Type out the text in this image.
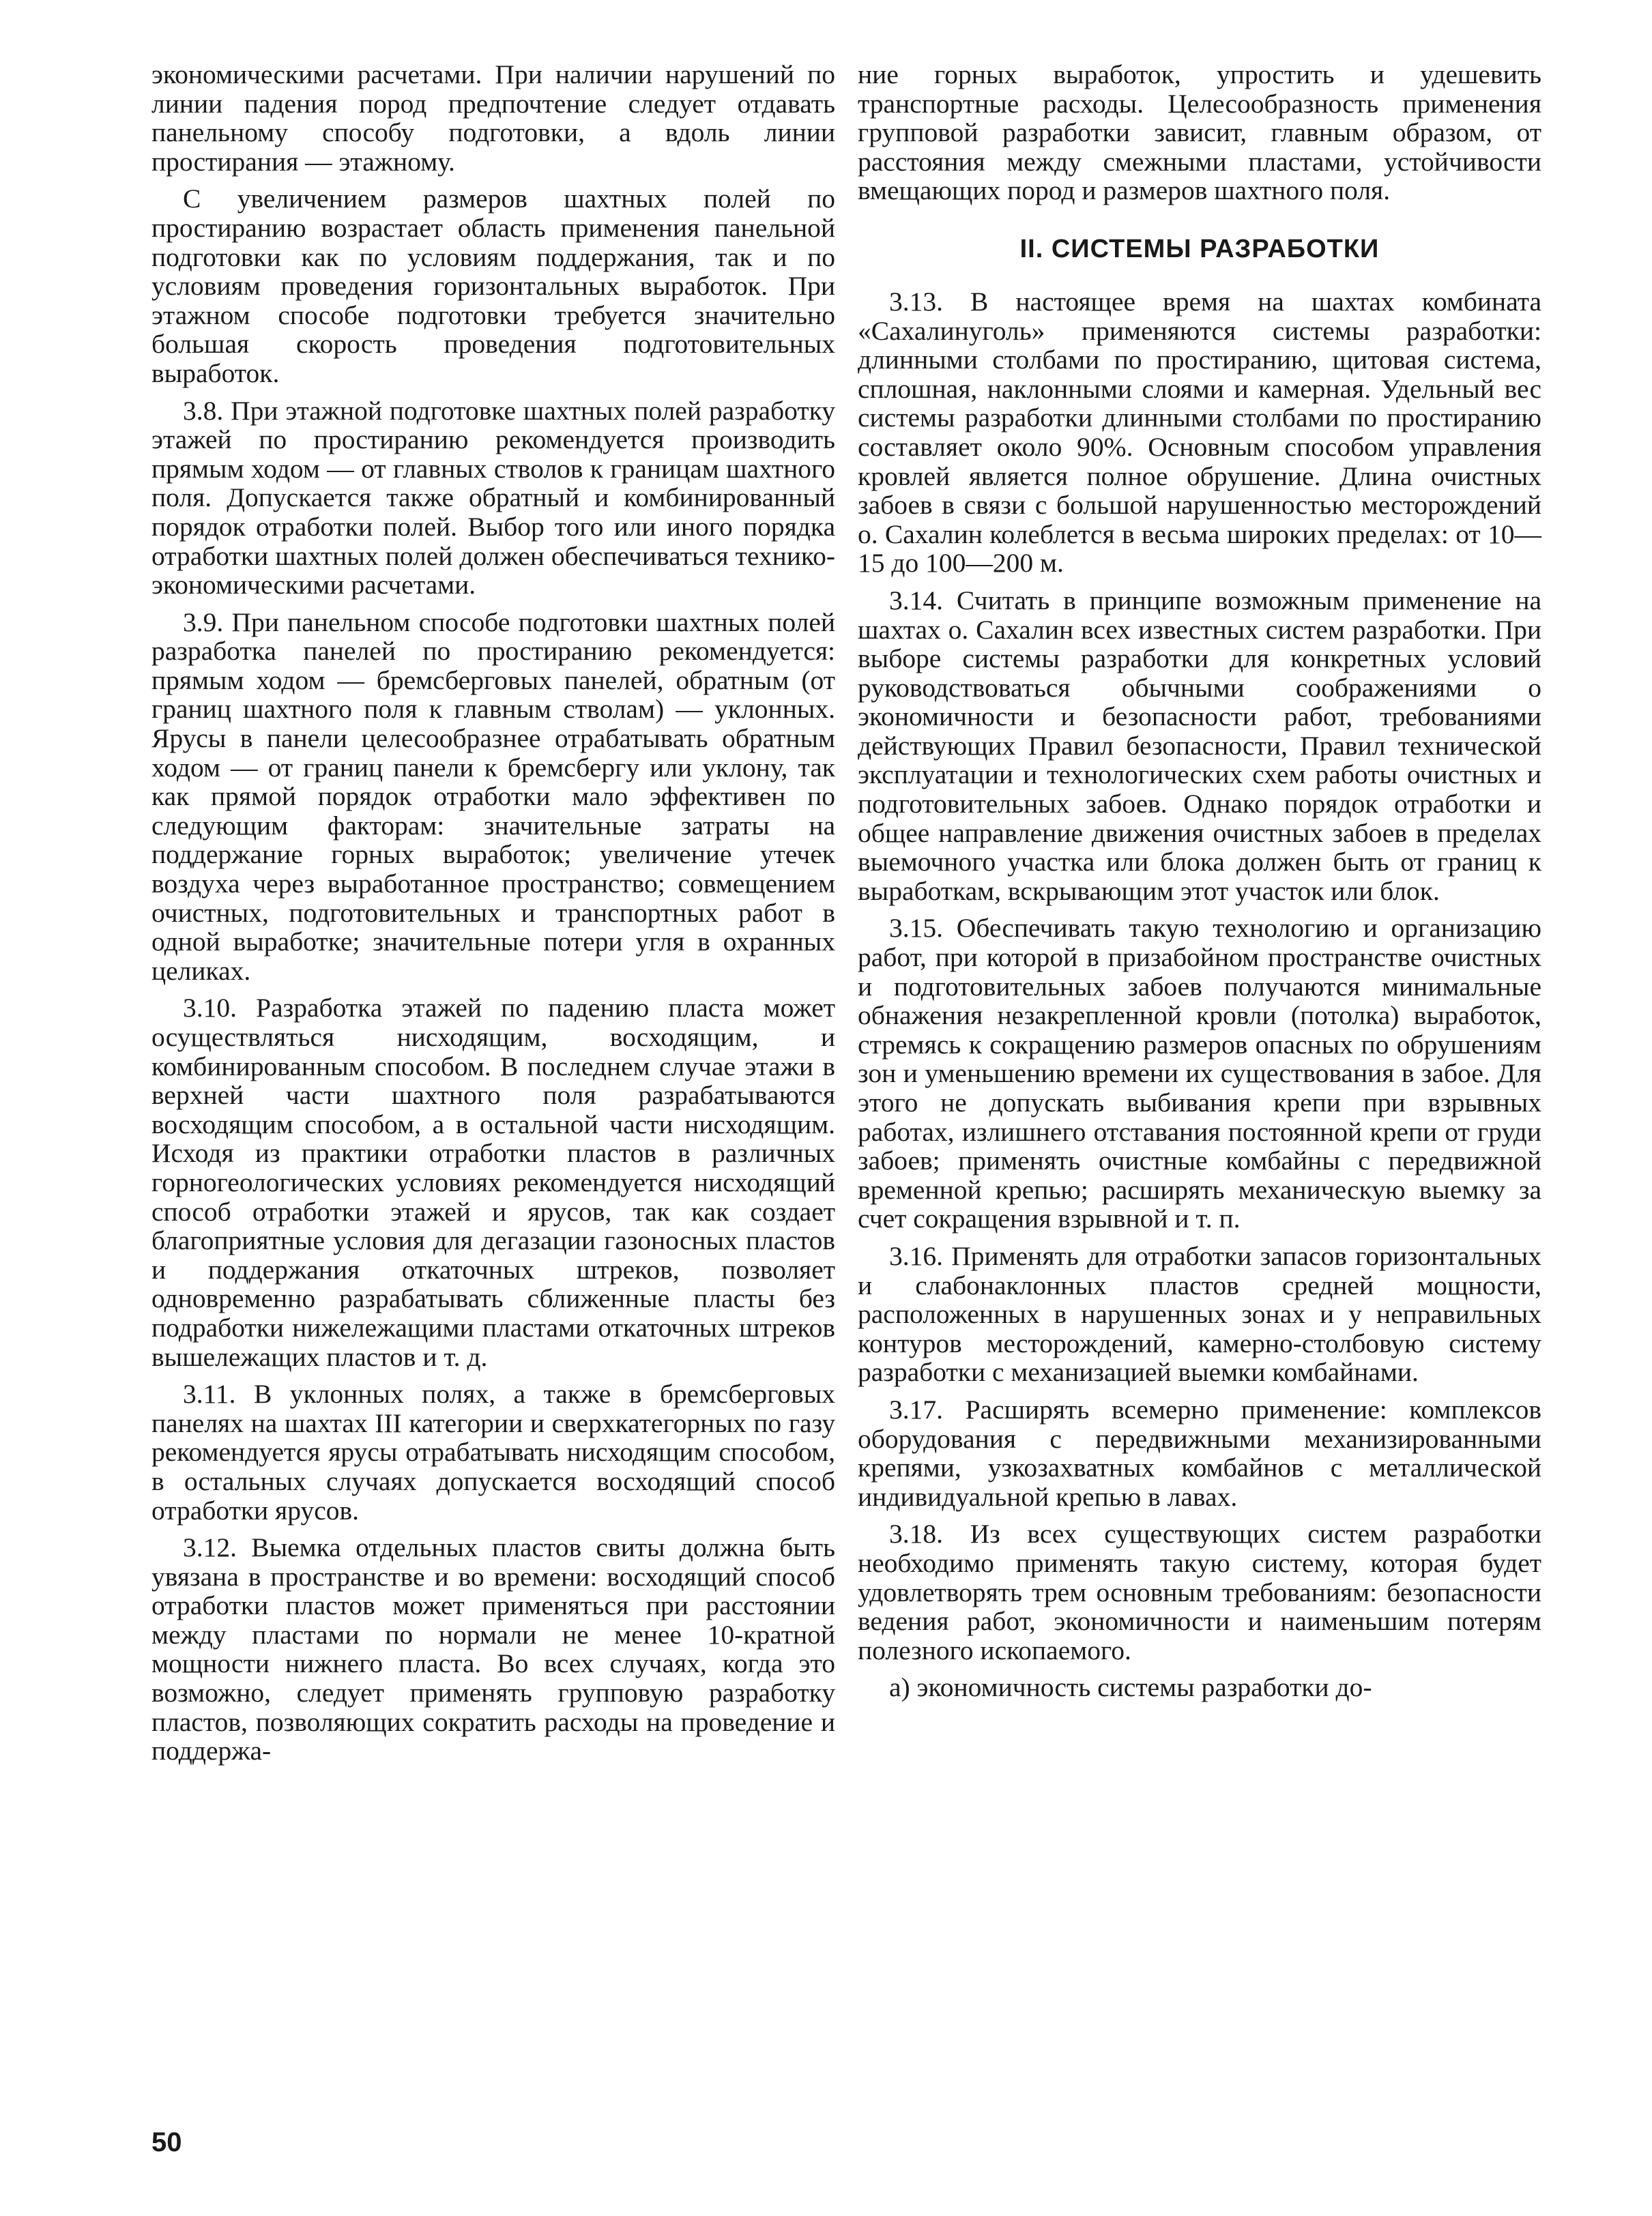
экономическими расчетами. При наличии нарушений по линии падения пород предпочтение следует отдавать панельному способу подготовки, а вдоль линии простирания — этажному.

С увеличением размеров шахтных полей по простиранию возрастает область применения панельной подготовки как по условиям поддержания, так и по условиям проведения горизонтальных выработок. При этажном способе подготовки требуется значительно большая скорость проведения подготовительных выработок.

3.8. При этажной подготовке шахтных полей разработку этажей по простиранию рекомендуется производить прямым ходом — от главных стволов к границам шахтного поля. Допускается также обратный и комбинированный порядок отработки полей. Выбор того или иного порядка отработки шахтных полей должен обеспечиваться технико-экономическими расчетами.

3.9. При панельном способе подготовки шахтных полей разработка панелей по простиранию рекомендуется: прямым ходом — бремсберговых панелей, обратным (от границ шахтного поля к главным стволам) — уклонных. Ярусы в панели целесообразнее отрабатывать обратным ходом — от границ панели к бремсбергу или уклону, так как прямой порядок отработки мало эффективен по следующим факторам: значительные затраты на поддержание горных выработок; увеличение утечек воздуха через выработанное пространство; совмещением очистных, подготовительных и транспортных работ в одной выработке; значительные потери угля в охранных целиках.

3.10. Разработка этажей по падению пласта может осуществляться нисходящим, восходящим, и комбинированным способом. В последнем случае этажи в верхней части шахтного поля разрабатываются восходящим способом, а в остальной части нисходящим. Исходя из практики отработки пластов в различных горногеологических условиях рекомендуется нисходящий способ отработки этажей и ярусов, так как создает благоприятные условия для дегазации газоносных пластов и поддержания откаточных штреков, позволяет одновременно разрабатывать сближенные пласты без подработки нижележащими пластами откаточных штреков вышележащих пластов и т. д.

3.11. В уклонных полях, а также в бремсберговых панелях на шахтах III категории и сверхкатегорных по газу рекомендуется ярусы отрабатывать нисходящим способом, в остальных случаях допускается восходящий способ отработки ярусов.

3.12. Выемка отдельных пластов свиты должна быть увязана в пространстве и во времени: восходящий способ отработки пластов может применяться при расстоянии между пластами по нормали не менее 10-кратной мощности нижнего пласта. Во всех случаях, когда это возможно, следует применять групповую разработку пластов, позволяющих сократить расходы на проведение и поддержа-

ние горных выработок, упростить и удешевить транспортные расходы. Целесообразность применения групповой разработки зависит, главным образом, от расстояния между смежными пластами, устойчивости вмещающих пород и размеров шахтного поля.

II. СИСТЕМЫ РАЗРАБОТКИ

3.13. В настоящее время на шахтах комбината «Сахалинуголь» применяются системы разработки: длинными столбами по простиранию, щитовая система, сплошная, наклонными слоями и камерная. Удельный вес системы разработки длинными столбами по простиранию составляет около 90%. Основным способом управления кровлей является полное обрушение. Длина очистных забоев в связи с большой нарушенностью месторождений о. Сахалин колеблется в весьма широких пределах: от 10—15 до 100—200 м.

3.14. Считать в принципе возможным применение на шахтах о. Сахалин всех известных систем разработки. При выборе системы разработки для конкретных условий руководствоваться обычными соображениями о экономичности и безопасности работ, требованиями действующих Правил безопасности, Правил технической эксплуатации и технологических схем работы очистных и подготовительных забоев. Однако порядок отработки и общее направление движения очистных забоев в пределах выемочного участка или блока должен быть от границ к выработкам, вскрывающим этот участок или блок.

3.15. Обеспечивать такую технологию и организацию работ, при которой в призабойном пространстве очистных и подготовительных забоев получаются минимальные обнажения незакрепленной кровли (потолка) выработок, стремясь к сокращению размеров опасных по обрушениям зон и уменьшению времени их существования в забое. Для этого не допускать выбивания крепи при взрывных работах, излишнего отставания постоянной крепи от груди забоев; применять очистные комбайны с передвижной временной крепью; расширять механическую выемку за счет сокращения взрывной и т. п.

3.16. Применять для отработки запасов горизонтальных и слабонаклонных пластов средней мощности, расположенных в нарушенных зонах и у неправильных контуров месторождений, камерно-столбовую систему разработки с механизацией выемки комбайнами.

3.17. Расширять всемерно применение: комплексов оборудования с передвижными механизированными крепями, узкозахватных комбайнов с металлической индивидуальной крепью в лавах.

3.18. Из всех существующих систем разработки необходимо применять такую систему, которая будет удовлетворять трем основным требованиям: безопасности ведения работ, экономичности и наименьшим потерям полезного ископаемого.

а) экономичность системы разработки до-

50
